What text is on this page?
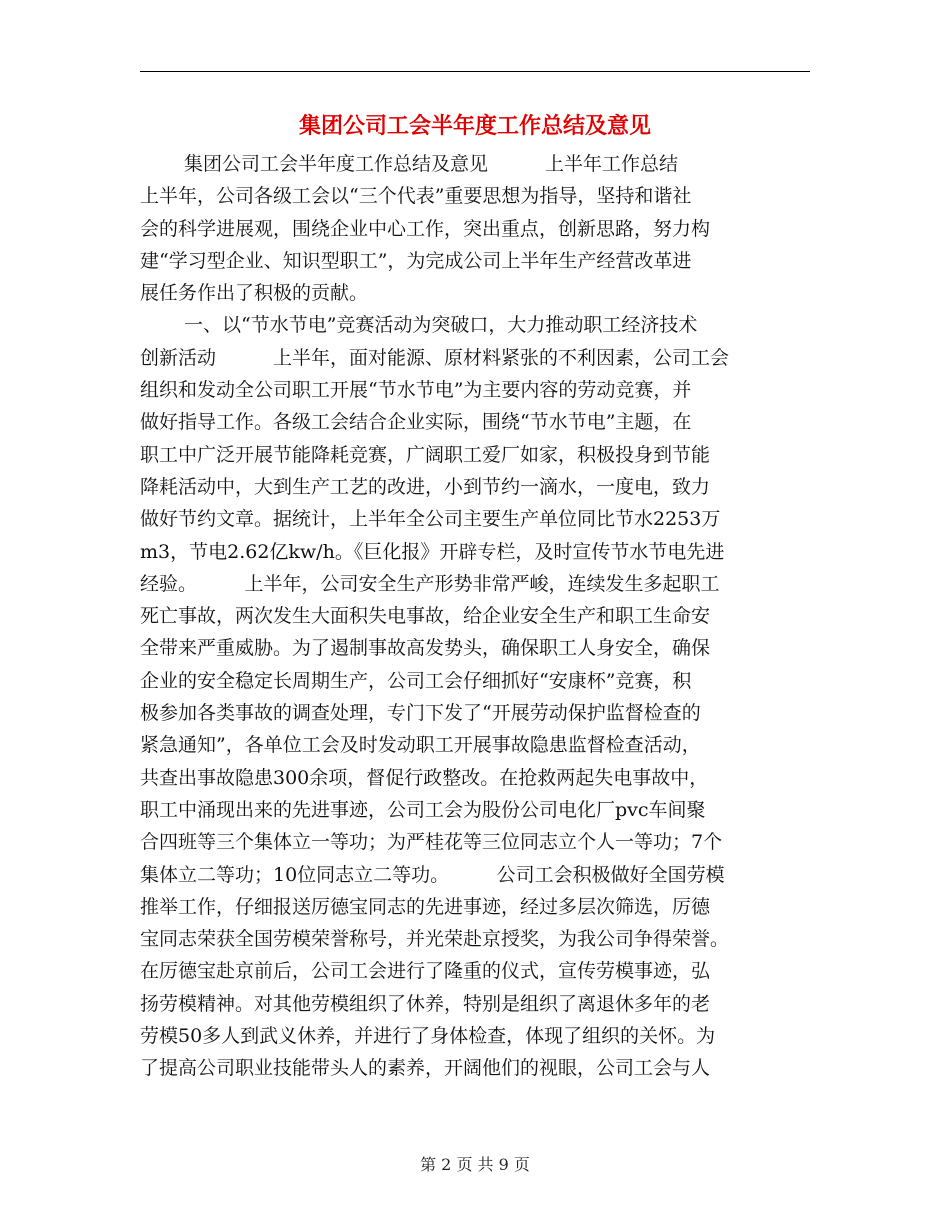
集团公司工会半年度工作总结及意见

集团公司工会半年度工作总结及意见　　　上半年工作总结
上半年，公司各级工会以“三个代表”重要思想为指导，坚持和谐社
会的科学进展观，围绕企业中心工作，突出重点，创新思路，努力构
建“学习型企业、知识型职工”，为完成公司上半年生产经营改革进
展任务作出了积极的贡献。

一、以“节水节电”竞赛活动为突破口，大力推动职工经济技术
创新活动　　　上半年，面对能源、原材料紧张的不利因素，公司工会
组织和发动全公司职工开展“节水节电”为主要内容的劳动竞赛，并
做好指导工作。各级工会结合企业实际，围绕“节水节电”主题，在
职工中广泛开展节能降耗竞赛，广阔职工爱厂如家，积极投身到节能
降耗活动中，大到生产工艺的改进，小到节约一滴水，一度电，致力
做好节约文章。据统计，上半年全公司主要生产单位同比节水2253万
m3，节电2.62亿kw/h。《巨化报》开辟专栏，及时宣传节水节电先进
经验。　　　上半年，公司安全生产形势非常严峻，连续发生多起职工
死亡事故，两次发生大面积失电事故，给企业安全生产和职工生命安
全带来严重威胁。为了遏制事故高发势头，确保职工人身安全，确保
企业的安全稳定长周期生产，公司工会仔细抓好“安康杯”竞赛，积
极参加各类事故的调查处理，专门下发了“开展劳动保护监督检查的
紧急通知”，各单位工会及时发动职工开展事故隐患监督检查活动，
共查出事故隐患300余项，督促行政整改。在抢救两起失电事故中，
职工中涌现出来的先进事迹，公司工会为股份公司电化厂pvc车间聚
合四班等三个集体立一等功；为严桂花等三位同志立个人一等功；7个
集体立二等功；10位同志立二等功。　　　公司工会积极做好全国劳模
推举工作，仔细报送厉德宝同志的先进事迹，经过多层次筛选，厉德
宝同志荣获全国劳模荣誉称号，并光荣赴京授奖，为我公司争得荣誉。
在厉德宝赴京前后，公司工会进行了隆重的仪式，宣传劳模事迹，弘
扬劳模精神。对其他劳模组织了休养，特别是组织了离退休多年的老
劳模50多人到武义休养，并进行了身体检查，体现了组织的关怀。为
了提高公司职业技能带头人的素养，开阔他们的视眼，公司工会与人

第 2 页 共 9 页
